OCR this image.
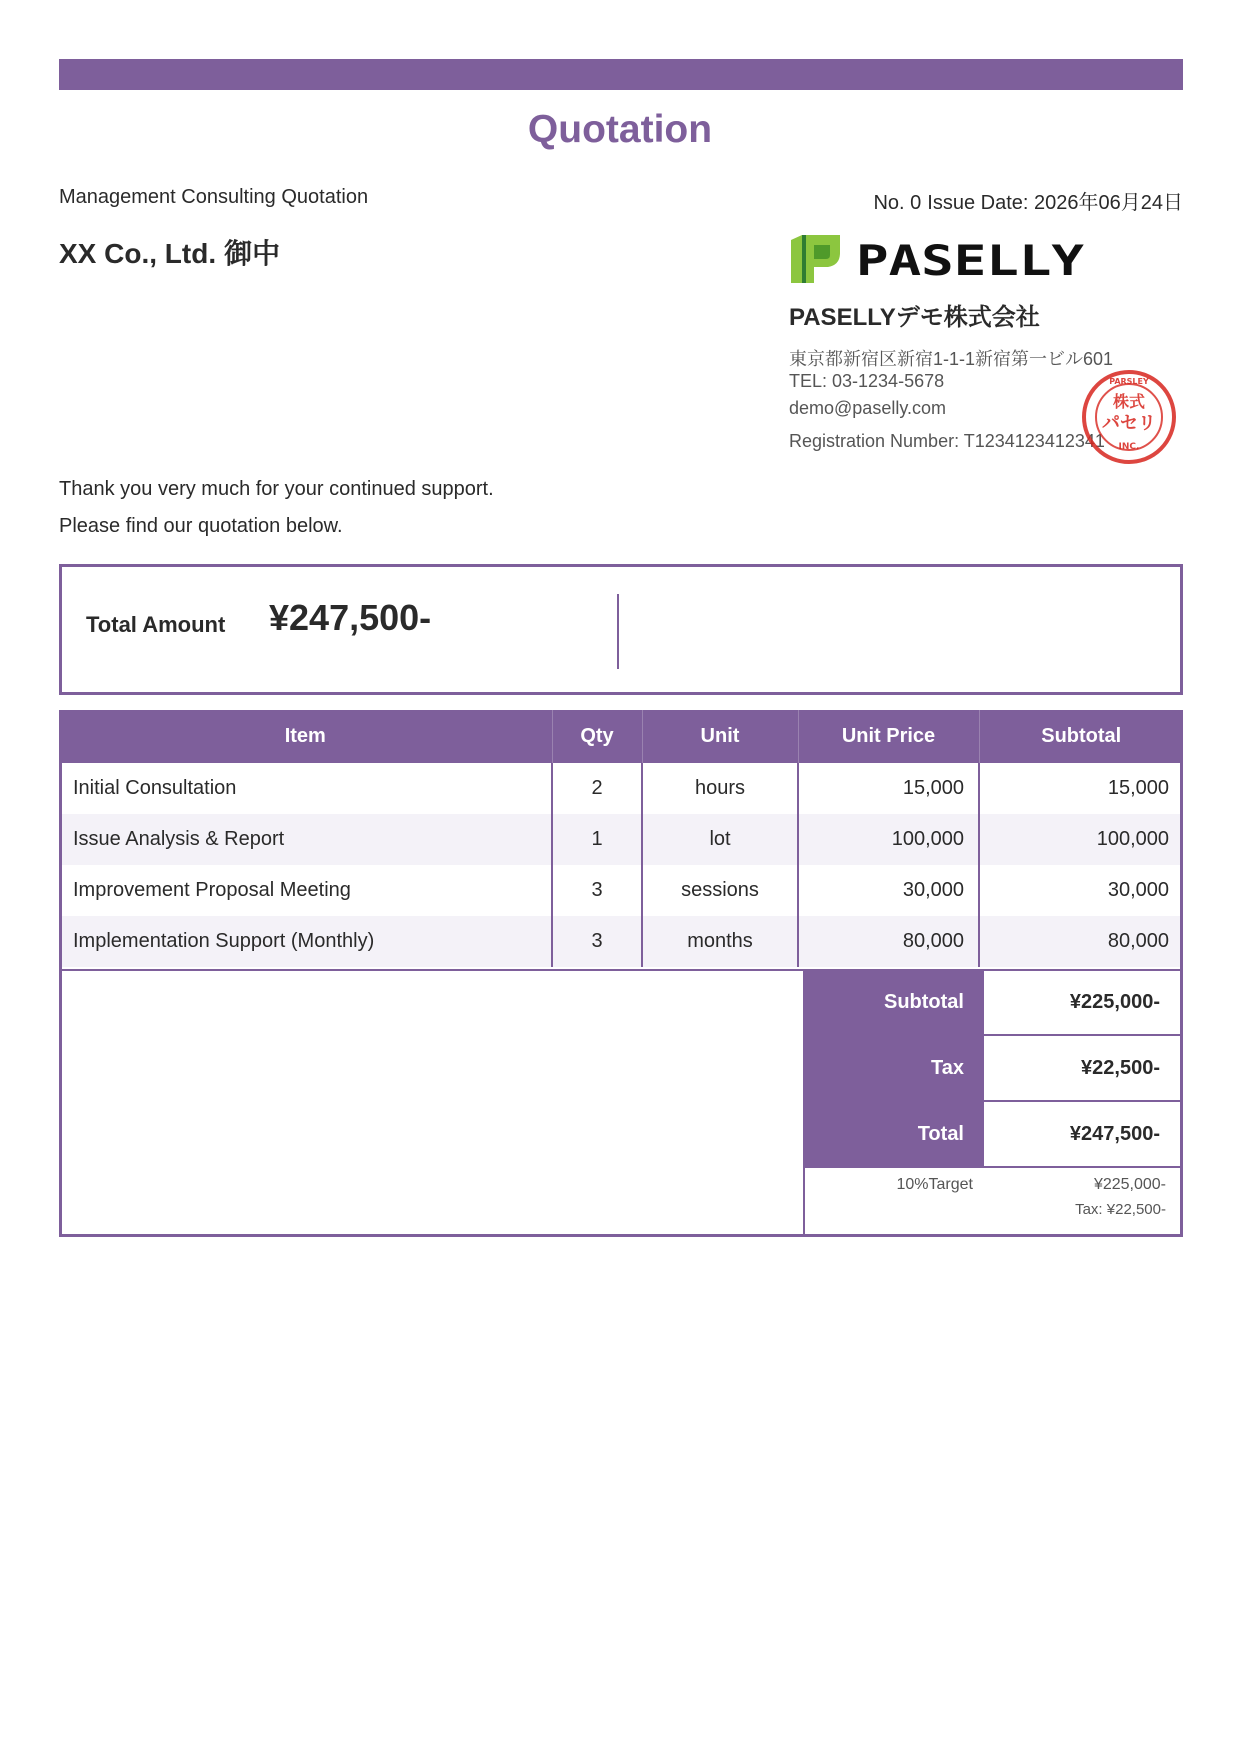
Quotation
Management Consulting Quotation	No. 0 Issue Date: 2026年06月24日
XX Co., Ltd. 御中	PASELLY
PASELLYデモ株式会社
東京都新宿区新宿1-1-1新宿第一ビル601
TEL: 03-1234-5678
demo@paselly.com
Registration Number: T1234123412341
株式
パセリ
INC.
PARSLEY
Thank you very much for your continued support.
Please find our quotation below.
Total Amount ¥247,500-
Item	Qty	Unit	Unit Price	Subtotal
Initial Consultation	2	hours	15,000	15,000
Issue Analysis & Report	1	lot	100,000	100,000
Improvement Proposal Meeting	3	sessions	30,000	30,000
Implementation Support (Monthly)	3	months	80,000	80,000
Subtotal	¥225,000-
Tax	¥22,500-
Total	¥247,500-
10%Target	¥225,000-
Tax: ¥22,500-
